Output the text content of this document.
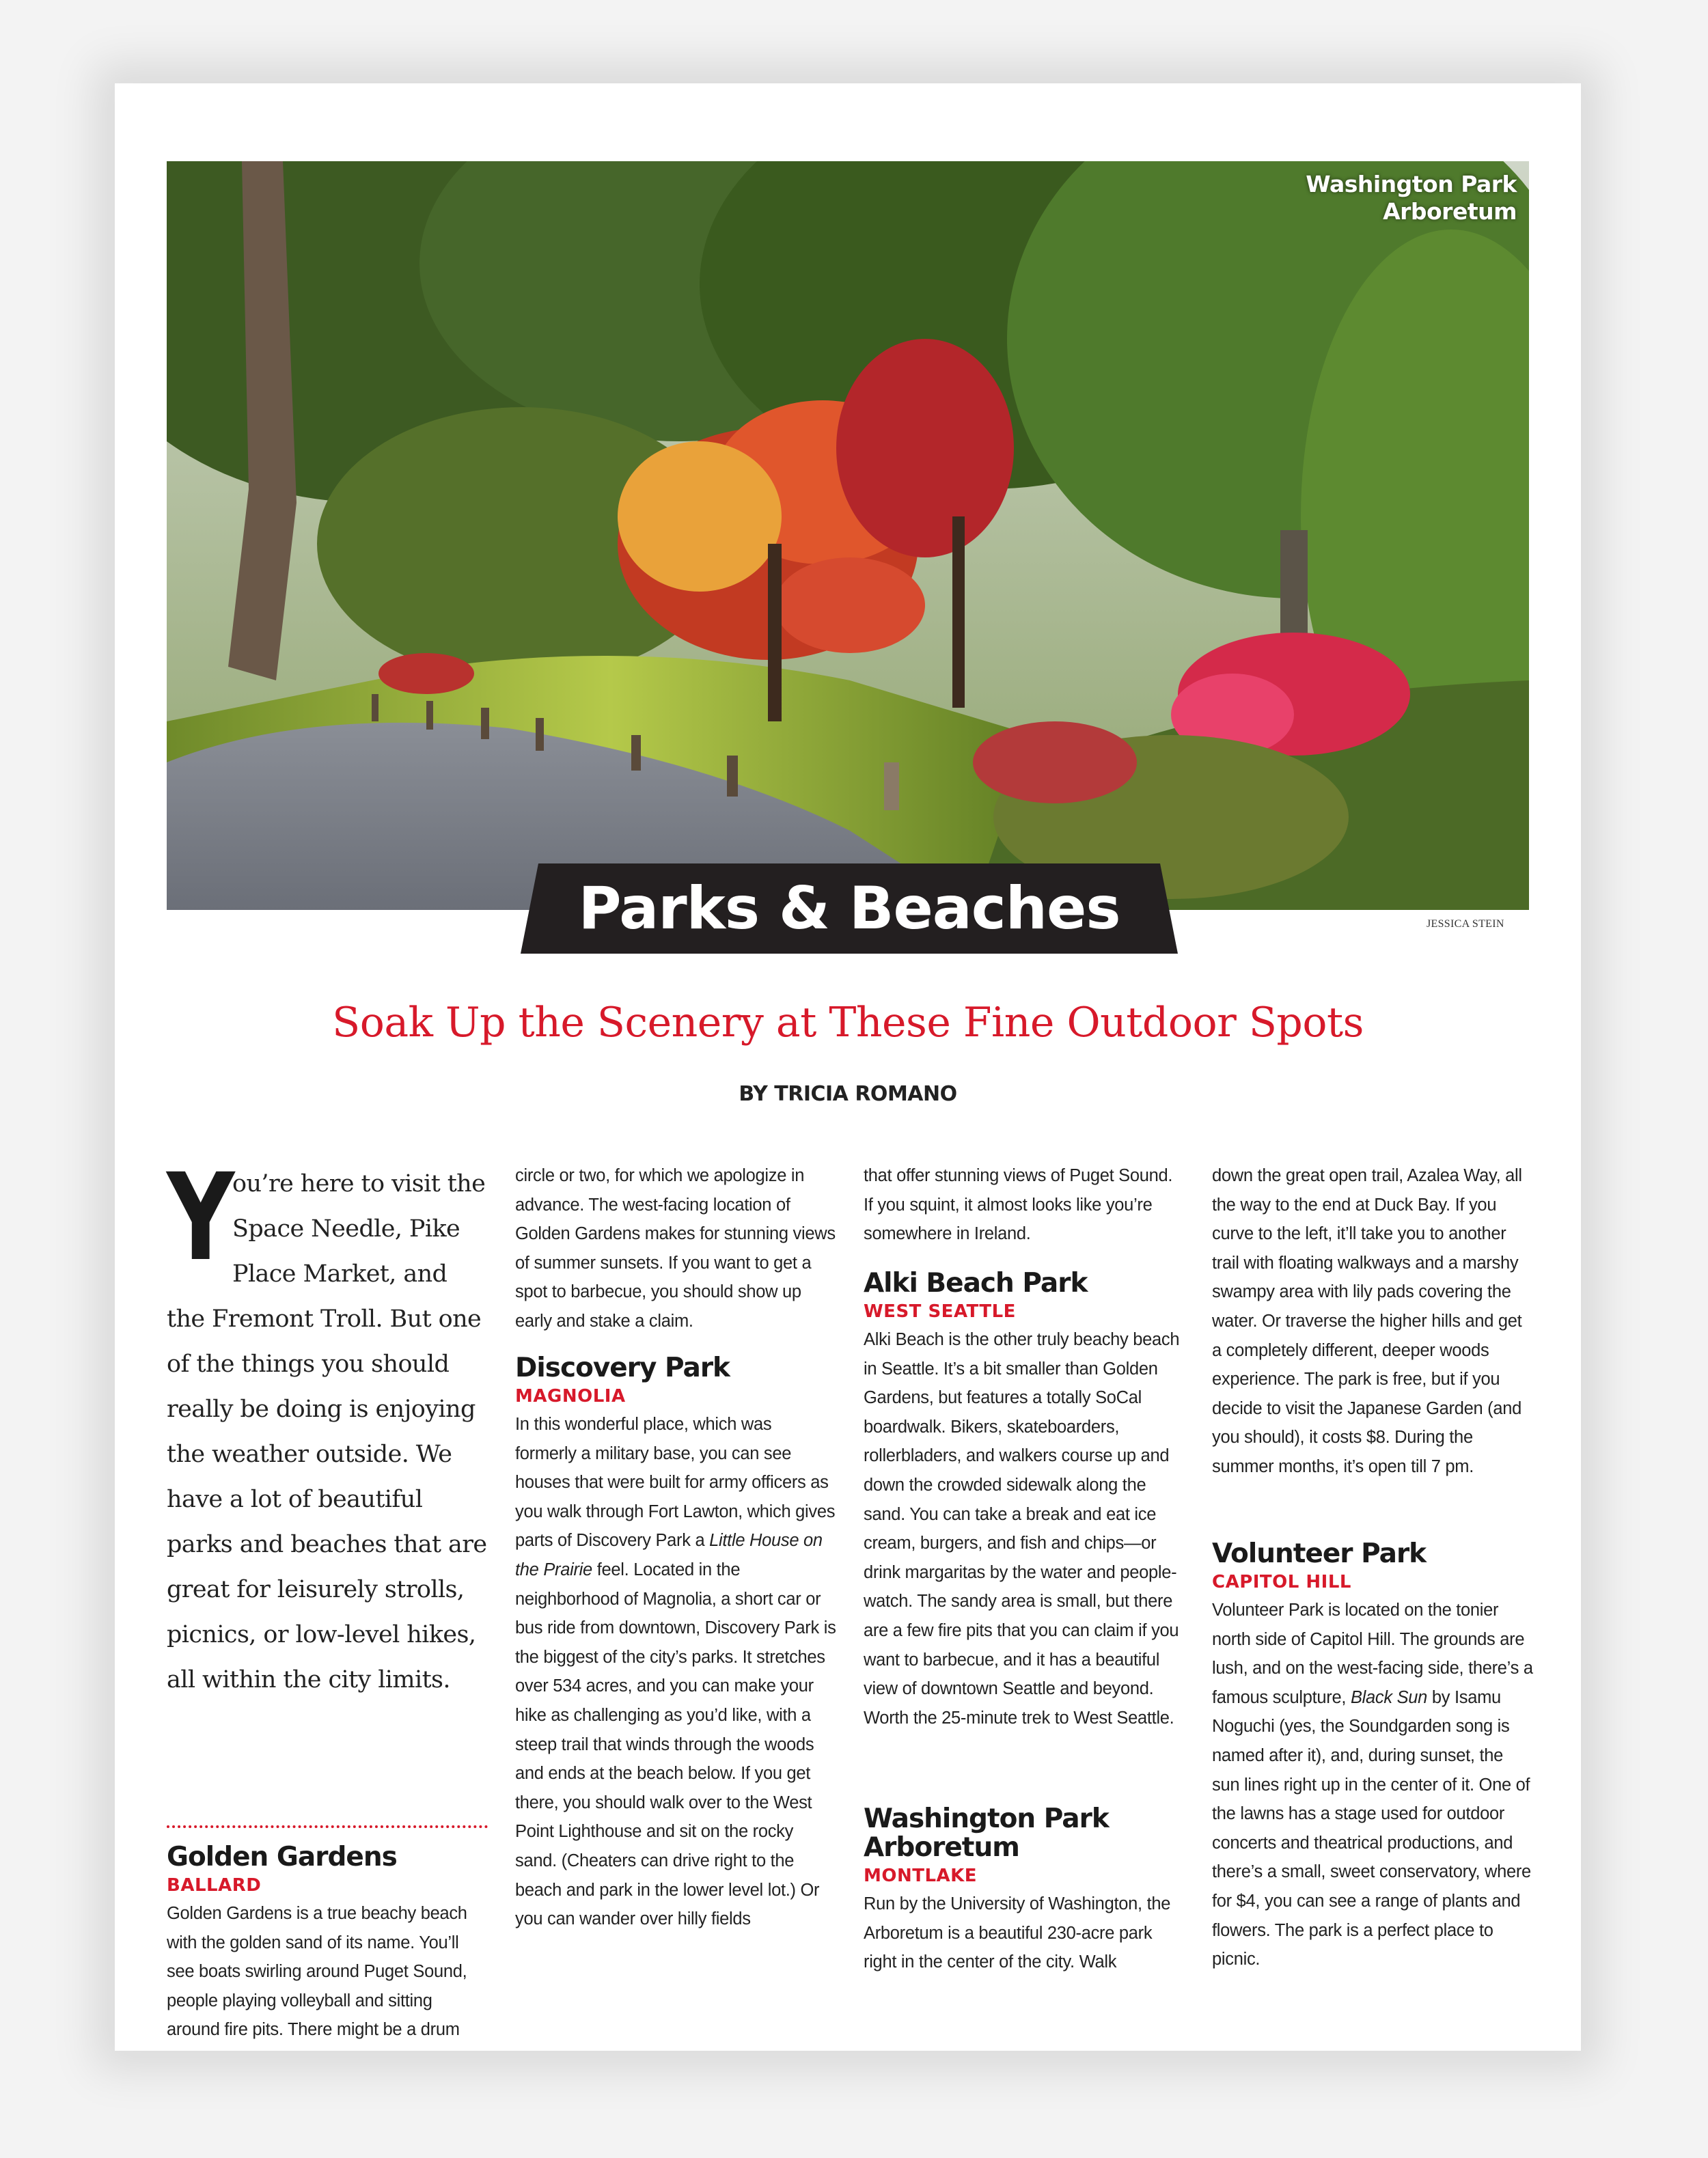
Washington Park
Arboretum
JESSICA STEIN
Parks & Beaches
Soak Up the Scenery at These Fine Outdoor Spots
BY TRICIA ROMANO
Y
ou’re here to visit the Space Needle, Pike Place Market, and the Fremont Troll. But one of the things you should really be doing is enjoying the weather outside. We have a lot of beautiful parks and beaches that are great for leisurely strolls, picnics, or low-level hikes, all within the city limits.
Golden Gardens
BALLARD
Golden Gardens is a true beachy beach with the golden sand of its name. You’ll see boats swirling around Puget Sound, people playing volleyball and sitting around fire pits. There might be a drum
circle or two, for which we apologize in advance. The west-facing location of Golden Gardens makes for stunning views of summer sunsets. If you want to get a spot to barbecue, you should show up early and stake a claim.
Discovery Park
MAGNOLIA
In this wonderful place, which was formerly a military base, you can see houses that were built for army officers as you walk through Fort Lawton, which gives parts of Discovery Park a Little House on the Prairie feel. Located in the neighborhood of Magnolia, a short car or bus ride from downtown, Discovery Park is the biggest of the city’s parks. It stretches over 534 acres, and you can make your hike as challenging as you’d like, with a steep trail that winds through the woods and ends at the beach below. If you get there, you should walk over to the West Point Lighthouse and sit on the rocky sand. (Cheaters can drive right to the beach and park in the lower level lot.) Or you can wander over hilly fields
that offer stunning views of Puget Sound. If you squint, it almost looks like you’re somewhere in Ireland.
Alki Beach Park
WEST SEATTLE
Alki Beach is the other truly beachy beach in Seattle. It’s a bit smaller than Golden Gardens, but features a totally SoCal boardwalk. Bikers, skateboarders, rollerbladers, and walkers course up and down the crowded sidewalk along the sand. You can take a break and eat ice cream, burgers, and fish and chips—or drink margaritas by the water and people-watch. The sandy area is small, but there are a few fire pits that you can claim if you want to barbecue, and it has a beautiful view of downtown Seattle and beyond. Worth the 25-minute trek to West Seattle.
Washington Park
Arboretum
MONTLAKE
Run by the University of Washington, the Arboretum is a beautiful 230-acre park right in the center of the city. Walk
down the great open trail, Azalea Way, all the way to the end at Duck Bay. If you curve to the left, it’ll take you to another trail with floating walkways and a marshy swampy area with lily pads covering the water. Or traverse the higher hills and get a completely different, deeper woods experience. The park is free, but if you decide to visit the Japanese Garden (and you should), it costs $8. During the summer months, it’s open till 7 pm.
Volunteer Park
CAPITOL HILL
Volunteer Park is located on the tonier north side of Capitol Hill. The grounds are lush, and on the west-facing side, there’s a famous sculpture, Black Sun by Isamu Noguchi (yes, the Soundgarden song is named after it), and, during sunset, the sun lines right up in the center of it. One of the lawns has a stage used for outdoor concerts and theatrical productions, and there’s a small, sweet conservatory, where for $4, you can see a range of plants and flowers. The park is a perfect place to picnic.
